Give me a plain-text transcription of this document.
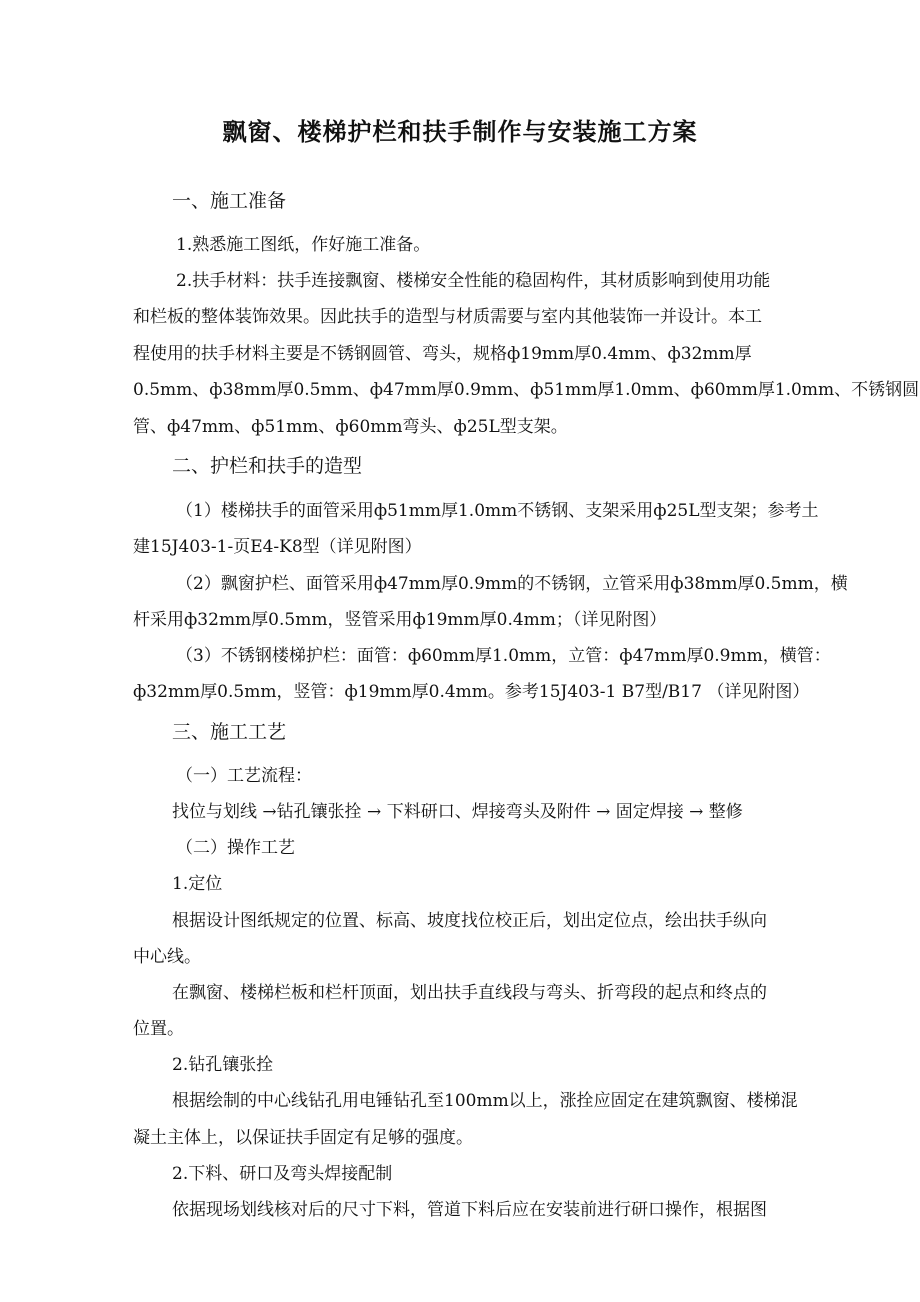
飘窗、楼梯护栏和扶手制作与安装施工方案
一、施工准备
1.熟悉施工图纸，作好施工准备。
2.扶手材料：扶手连接飘窗、楼梯安全性能的稳固构件，其材质影响到使用功能
和栏板的整体装饰效果。因此扶手的造型与材质需要与室内其他装饰一并设计。本工
程使用的扶手材料主要是不锈钢圆管、弯头，规格ф19mm厚0.4mm、ф32mm厚
0.5mm、ф38mm厚0.5mm、ф47mm厚0.9mm、ф51mm厚1.0mm、ф60mm厚1.0mm、不锈钢圆
管、ф47mm、ф51mm、ф60mm弯头、ф25L型支架。
二、护栏和扶手的造型
（1）楼梯扶手的面管采用ф51mm厚1.0mm不锈钢、支架采用ф25L型支架；参考土
建15J403-1-页E4-K8型（详见附图）
（2）飘窗护栏、面管采用ф47mm厚0.9mm的不锈钢，立管采用ф38mm厚0.5mm，横
杆采用ф32mm厚0.5mm，竖管采用ф19mm厚0.4mm；（详见附图）
（3）不锈钢楼梯护栏：面管：ф60mm厚1.0mm，立管：ф47mm厚0.9mm，横管：
ф32mm厚0.5mm，竖管：ф19mm厚0.4mm。参考15J403-1 B7型/B17 （详见附图）
三、施工工艺
（一）工艺流程：
找位与划线 →钻孔镶张拴 → 下料研口、焊接弯头及附件 → 固定焊接 → 整修
（二）操作工艺
1.定位
根据设计图纸规定的位置、标高、坡度找位校正后，划出定位点，绘出扶手纵向
中心线。
在飘窗、楼梯栏板和栏杆顶面，划出扶手直线段与弯头、折弯段的起点和终点的
位置。
2.钻孔镶张拴
根据绘制的中心线钻孔用电锤钻孔至100mm以上，涨拴应固定在建筑飘窗、楼梯混
凝土主体上，以保证扶手固定有足够的强度。
2.下料、研口及弯头焊接配制
依据现场划线核对后的尺寸下料，管道下料后应在安装前进行研口操作，根据图
